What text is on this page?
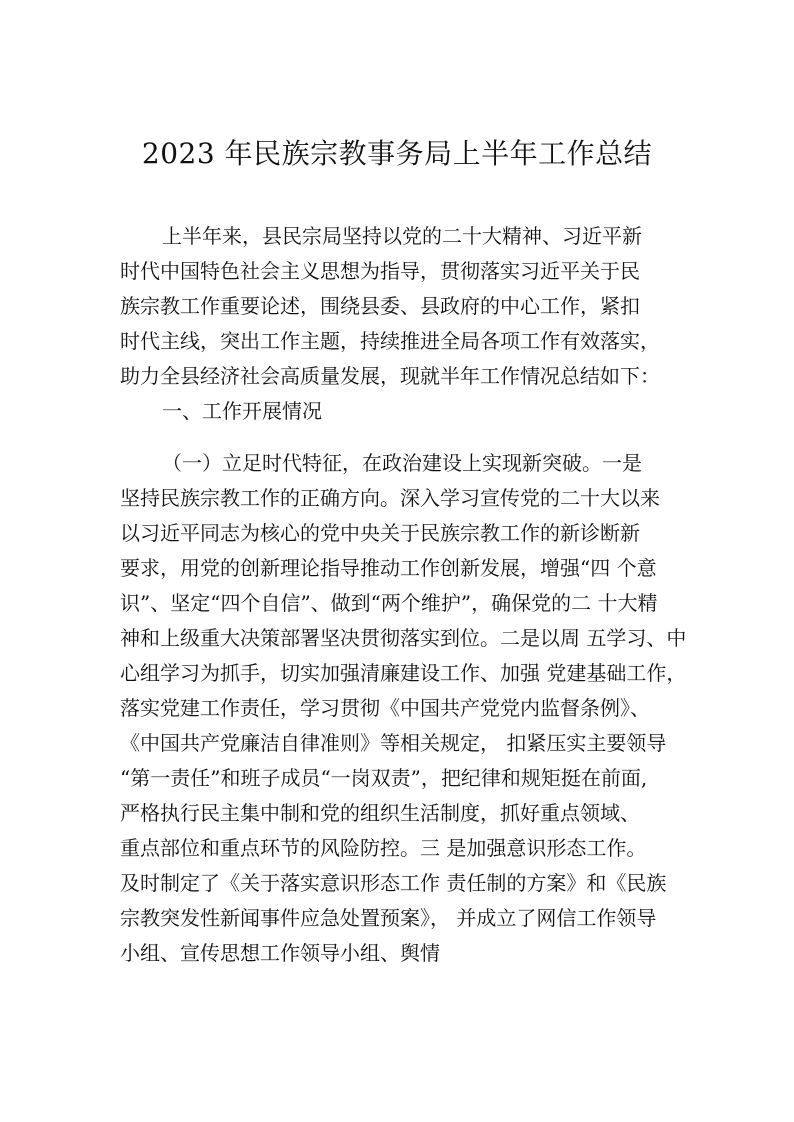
2023 年民族宗教事务局上半年工作总结
上半年来，县民宗局坚持以党的二十大精神、习近平新
时代中国特色社会主义思想为指导，贯彻落实习近平关于民
族宗教工作重要论述，围绕县委、县政府的中心工作，紧扣
时代主线，突出工作主题，持续推进全局各项工作有效落实，
助力全县经济社会高质量发展，现就半年工作情况总结如下：
一、工作开展情况
（一）立足时代特征，在政治建设上实现新突破。一是
坚持民族宗教工作的正确方向。深入学习宣传党的二十大以来
以习近平同志为核心的党中央关于民族宗教工作的新诊断新
要求，用党的创新理论指导推动工作创新发展，增强“四 个意
识”、坚定“四个自信”、做到“两个维护”，确保党的二 十大精
神和上级重大决策部署坚决贯彻落实到位。二是以周 五学习、中
心组学习为抓手，切实加强清廉建设工作、加强 党建基础工作，
落实党建工作责任，学习贯彻《中国共产党党内监督条例》、
《中国共产党廉洁自律准则》等相关规定， 扣紧压实主要领导
“第一责任”和班子成员“一岗双责”，把纪律和规矩挺在前面,
严格执行民主集中制和党的组织生活制度，抓好重点领域、
重点部位和重点环节的风险防控。三 是加强意识形态工作。
及时制定了《关于落实意识形态工作 责任制的方案》和《民族
宗教突发性新闻事件应急处置预案》， 并成立了网信工作领导
小组、宣传思想工作领导小组、舆情
